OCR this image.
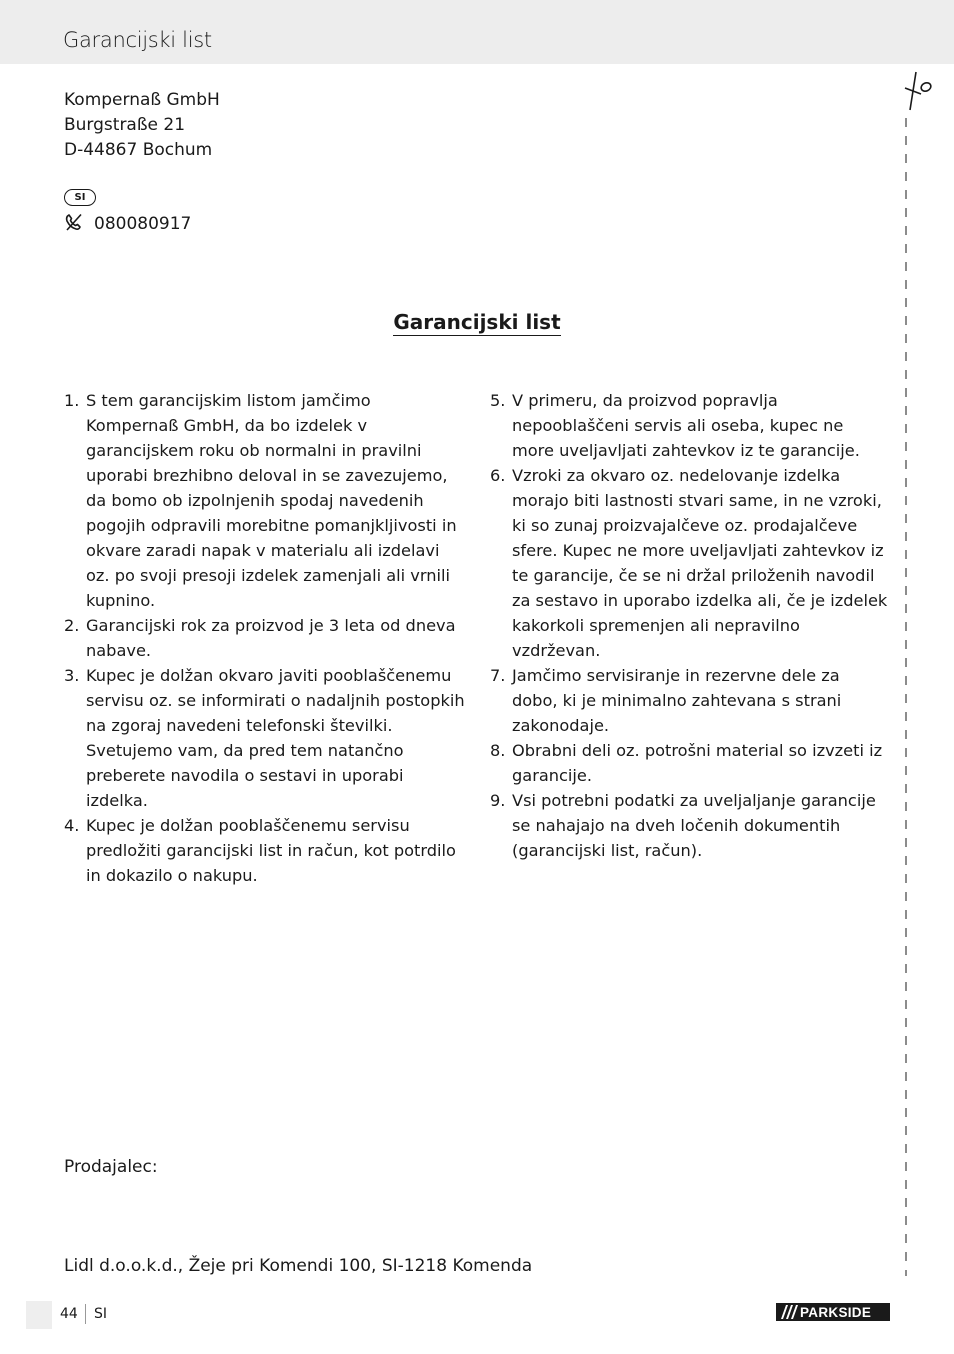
Garancijski list
Kompernaß GmbH
Burgstraße 21
D-44867 Bochum
SI
080080917
Garancijski list
1. S tem garancijskim listom jamčimo Kompernaß GmbH, da bo izdelek v garancijskem roku ob normalni in pravilni uporabi brezhibno deloval in se zavezujemo, da bomo ob izpolnjenih spodaj navedenih pogojih odpravili morebitne pomanjkljivosti in okvare zaradi napak v materialu ali izdelavi oz. po svoji presoji izdelek zamenjali ali vrnili kupnino.
2. Garancijski rok za proizvod je 3 leta od dneva nabave.
3. Kupec je dolžan okvaro javiti pooblaščenemu servisu oz. se informirati o nadaljnih postopkih na zgoraj navedeni telefonski številki. Svetujemo vam, da pred tem natančno preberete navodila o sestavi in uporabi izdelka.
4. Kupec je dolžan pooblaščenemu servisu predložiti garancijski list in račun, kot potrdilo in dokazilo o nakupu.
5. V primeru, da proizvod popravlja nepooblaščeni servis ali oseba, kupec ne more uveljavljati zahtevkov iz te garancije.
6. Vzroki za okvaro oz. nedelovanje izdelka morajo biti lastnosti stvari same, in ne vzroki, ki so zunaj proizvajalčeve oz. prodajalčeve sfere. Kupec ne more uveljavljati zahtevkov iz te garancije, če se ni držal priloženih navodil za sestavo in uporabo izdelka ali, če je izdelek kakorkoli spremenjen ali nepravilno vzdrževan.
7. Jamčimo servisiranje in rezervne dele za dobo, ki je minimalno zahtevana s strani zakonodaje.
8. Obrabni deli oz. potrošni material so izvzeti iz garancije.
9. Vsi potrebni podatki za uveljaljanje garancije se nahajajo na dveh ločenih dokumentih (garancijski list, račun).
Prodajalec:
Lidl d.o.o.k.d., Žeje pri Komendi 100, SI-1218 Komenda
44 SI	PARKSIDE
